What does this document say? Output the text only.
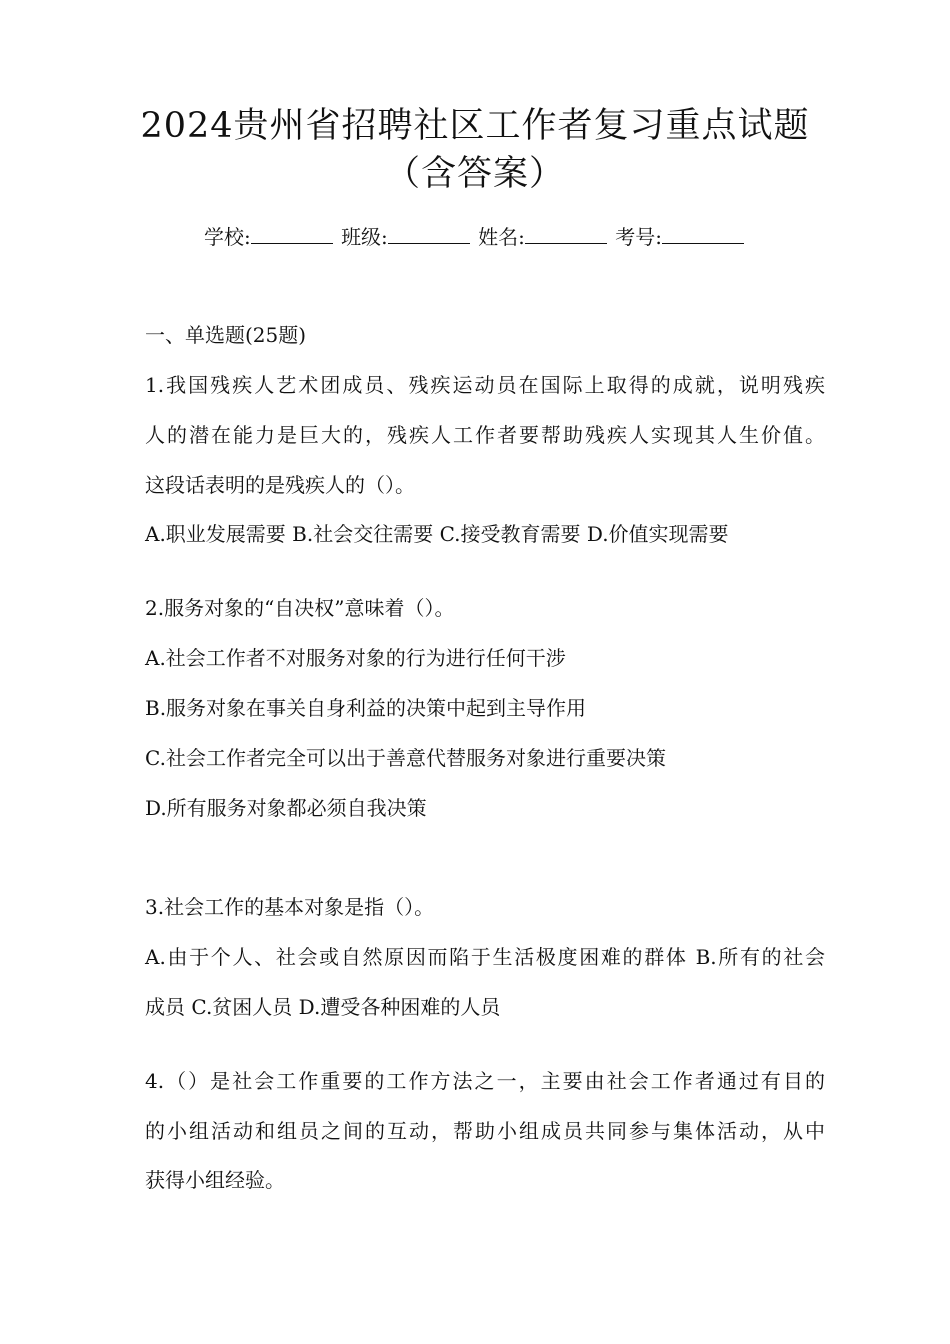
2024贵州省招聘社区工作者复习重点试题
（含答案）
学校:	班级:	姓名:	考号:
一、单选题(25题)
1.我国残疾人艺术团成员、残疾运动员在国际上取得的成就，说明残疾
人的潜在能力是巨大的，残疾人工作者要帮助残疾人实现其人生价值。
这段话表明的是残疾人的（）。
A.职业发展需要 B.社会交往需要 C.接受教育需要 D.价值实现需要
2.服务对象的“自决权”意味着（）。
A.社会工作者不对服务对象的行为进行任何干涉
B.服务对象在事关自身利益的决策中起到主导作用
C.社会工作者完全可以出于善意代替服务对象进行重要决策
D.所有服务对象都必须自我决策
3.社会工作的基本对象是指（）。
A.由于个人、社会或自然原因而陷于生活极度困难的群体 B.所有的社会
成员 C.贫困人员 D.遭受各种困难的人员
4.（）是社会工作重要的工作方法之一，主要由社会工作者通过有目的
的小组活动和组员之间的互动，帮助小组成员共同参与集体活动，从中
获得小组经验。
